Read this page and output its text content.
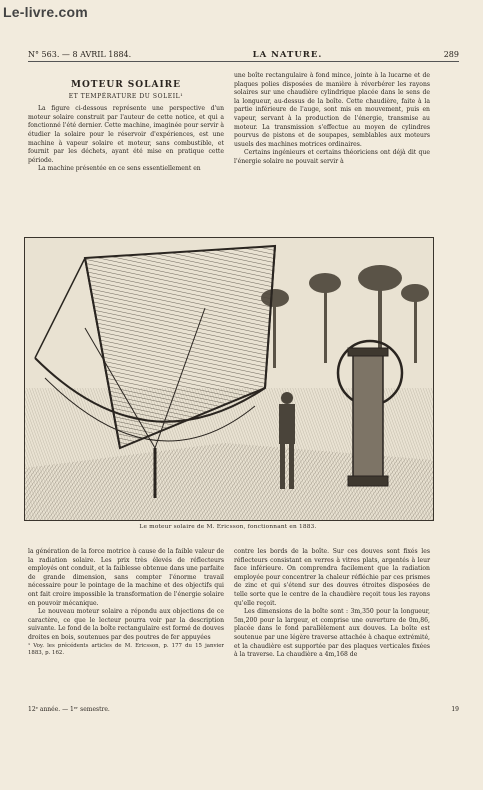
Le-livre.com
N° 563. — 8 AVRIL 1884.	LA NATURE.	289
MOTEUR SOLAIRE
ET TEMPÉRATURE DU SOLEIL¹

La figure ci-dessous représente une perspective d'un moteur solaire construit par l'auteur de cette notice, et qui a fonctionné l'été dernier. Cette machine, imaginée pour servir à étudier la solaire pour le réservoir d'expériences, est une machine à vapeur solaire et moteur, sans combustible, et fournit par les déchets, ayant été mise en pratique cette période.

La machine présentée en ce sens essentiellement en

une boîte rectangulaire à fond mince, jointe à la lucarne et de plaques polies disposées de manière à réverbérer les rayons solaires sur une chaudière cylindrique placée dans le sens de la longueur, au-dessus de la boîte. Cette chaudière, faite à la partie inférieure de l'auge, sont mis en mouvement, puis en vapeur, servant à la production de l'énergie, transmise au moteur. La transmission s'effectue au moyen de cylindres pourvus de pistons et de soupapes, semblables aux moteurs usuels des machines motrices ordinaires.

Certains ingénieurs et certains théoriciens ont déjà dit que l'énergie solaire ne pouvait servir à

Le moteur solaire de M. Ericsson, fonctionnant en 1883.

la génération de la force motrice à cause de la faible valeur de la radiation solaire. Les prix très élevés de réflecteurs employés ont conduit, et la faiblesse obtenue dans une parfaite de grande dimension, sans compter l'énorme travail nécessaire pour le pointage de la machine et des objectifs qui ont fait croire impossible la transformation de l'énergie solaire en pouvoir mécanique.

Le nouveau moteur solaire a répondu aux objections de ce caractère, ce que le lecteur pourra voir par la description suivante. Le fond de la boîte rectangulaire est formé de douves droites en bois, soutenues par des poutres de fer appuyées

¹ Voy. les précédents articles de M. Ericsson, p. 177 du 15 janvier 1883, p. 162.

contre les bords de la boîte. Sur ces douves sont fixés les réflecteurs consistant en verres à vitres plats, argentés à leur face inférieure. On comprendra facilement que la radiation employée pour concentrer la chaleur réfléchie par ces prismes de zinc et qui s'étend sur des douves étroites disposées de telle sorte que le centre de la chaudière reçoit tous les rayons qu'elle reçoit.

Les dimensions de la boîte sont : 3m,350 pour la longueur, 5m,200 pour la largeur, et comprise une ouverture de 0m,86, placée dans le fond parallèlement aux douves. La boîte est soutenue par une légère traverse attachée à chaque extrémité, et la chaudière est supportée par des plaques verticales fixées à la traverse. La chaudière a 4m,168 de

12ᵉ année. — 1ᵉʳ semestre.	19
